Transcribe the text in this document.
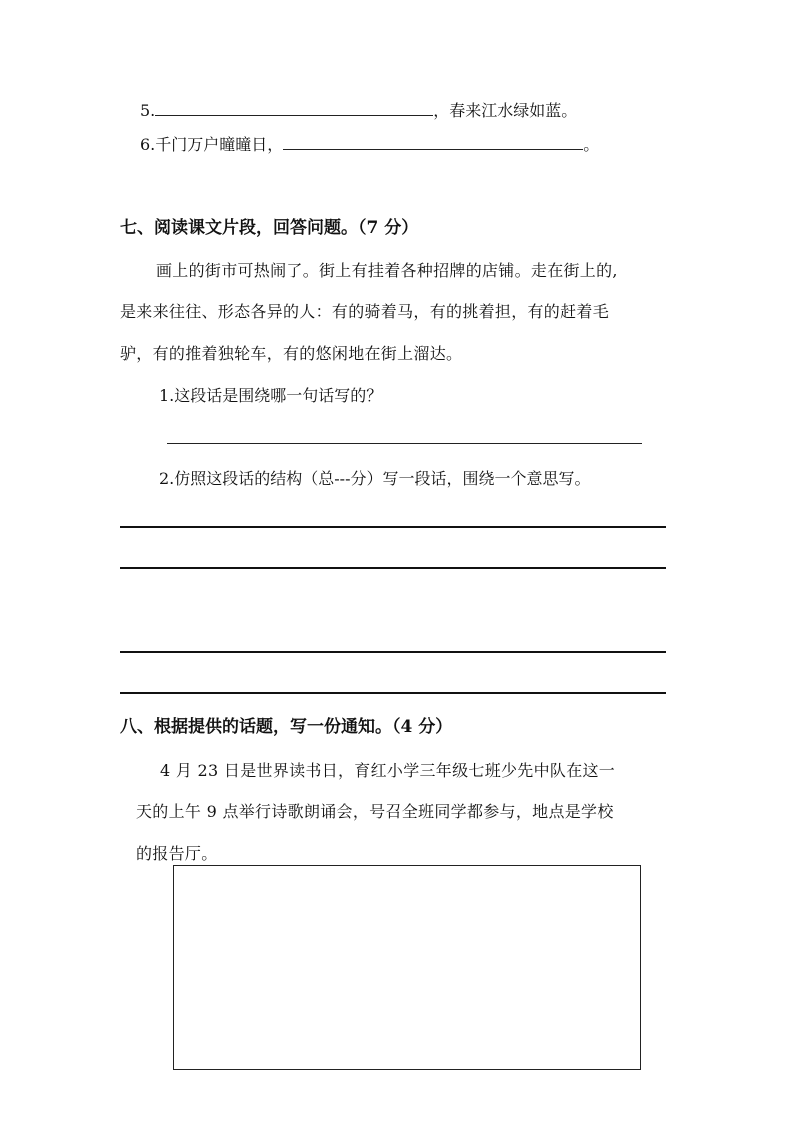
5.	，春来江水绿如蓝。
6.千门万户曈曈日，	。
七、阅读课文片段，回答问题。（7 分）
画上的街市可热闹了。街上有挂着各种招牌的店铺。走在街上的,
是来来往往、形态各异的人：有的骑着马，有的挑着担，有的赶着毛
驴，有的推着独轮车，有的悠闲地在街上溜达。
1.这段话是围绕哪一句话写的？
2.仿照这段话的结构（总---分）写一段话，围绕一个意思写。
八、根据提供的话题，写一份通知。（4 分）
4 月 23 日是世界读书日，育红小学三年级七班少先中队在这一
天的上午 9 点举行诗歌朗诵会，号召全班同学都参与，地点是学校
的报告厅。
